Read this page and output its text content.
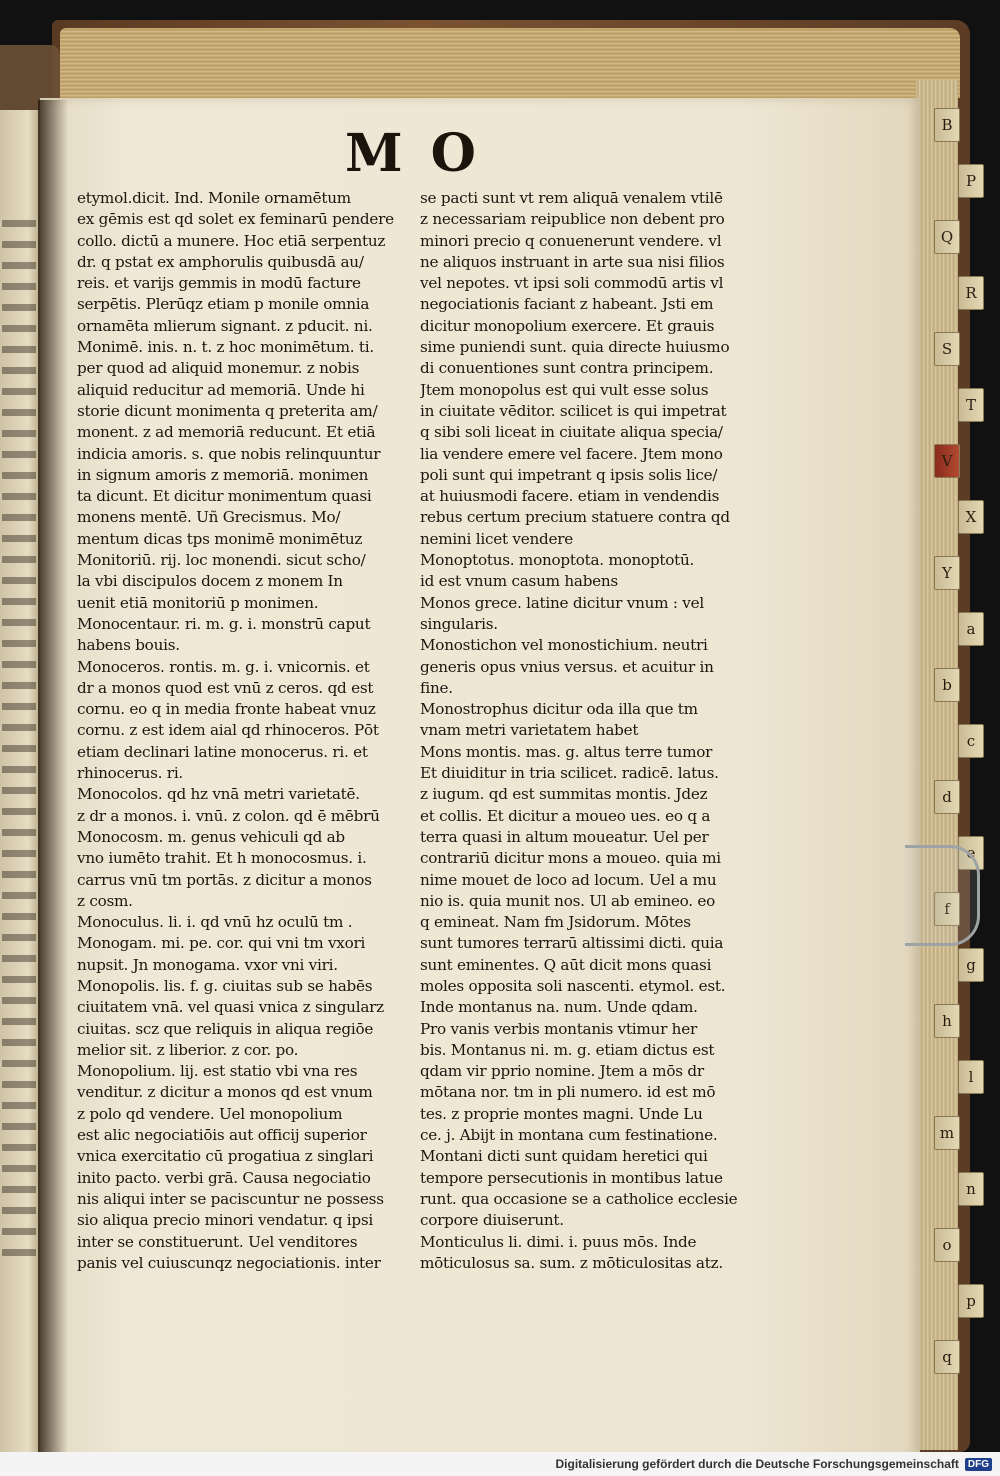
B
P
Q
R
S
T
V
X
Y
a
b
c
d
e
f
g
h
l
m
n
o
p
q
M O
etymol.dicit. Ind. Monile ornamētum
ex gēmis est qd solet ex feminarū pendere
collo. dictū a munere. Hoc etiā serpentuz
dr. q pstat ex amphorulis quibusdā au/
reis. et varijs gemmis in modū facture
serpētis. Plerūqz etiam p monile omnia
ornamēta mlierum signant. z pducit. ni.
Monimē. inis. n. t. z hoc monimētum. ti.
per quod ad aliquid monemur. z nobis
aliquid reducitur ad memoriā. Unde hi
storie dicunt monimenta q preterita am/
monent. z ad memoriā reducunt. Et etiā
indicia amoris. s. que nobis relinquuntur
in signum amoris z memoriā. monimen
ta dicunt. Et dicitur monimentum quasi
monens mentē. Uñ Grecismus. Mo/
mentum dicas tps monimē monimētuz
Monitoriū. rij. loc monendi. sicut scho/
la vbi discipulos docem z monem In
uenit etiā monitoriū p monimen.
Monocentaur. ri. m. g. i. monstrū caput
habens bouis.
Monoceros. rontis. m. g. i. vnicornis. et
dr a monos quod est vnū z ceros. qd est
cornu. eo q in media fronte habeat vnuz
cornu. z est idem aial qd rhinoceros. Pōt
etiam declinari latine monocerus. ri. et
rhinocerus. ri.
Monocolos. qd hz vnā metri varietatē.
z dr a monos. i. vnū. z colon. qd ē mēbrū
Monocosm. m. genus vehiculi qd ab
vno iumēto trahit. Et h monocosmus. i.
carrus vnū tm portās. z dicitur a monos
z cosm.
Monoculus. li. i. qd vnū hz oculū tm .
Monogam. mi. pe. cor. qui vni tm vxori
nupsit. Jn monogama. vxor vni viri.
Monopolis. lis. f. g. ciuitas sub se habēs
ciuitatem vnā. vel quasi vnica z singularz
ciuitas. scz que reliquis in aliqua regiōe
melior sit. z liberior. z cor. po.
Monopolium. lij. est statio vbi vna res
venditur. z dicitur a monos qd est vnum
z polo qd vendere. Uel monopolium
est alic negociatiōis aut officij superior
vnica exercitatio cū progatiua z singlari
inito pacto. verbi grā. Causa negociatio
nis aliqui inter se paciscuntur ne possess
sio aliqua precio minori vendatur. q ipsi
inter se constituerunt. Uel venditores
panis vel cuiuscunqz negociationis. inter
se pacti sunt vt rem aliquā venalem vtilē
z necessariam reipublice non debent pro
minori precio q conuenerunt vendere. vl
ne aliquos instruant in arte sua nisi filios
vel nepotes. vt ipsi soli commodū artis vl
negociationis faciant z habeant. Jsti em
dicitur monopolium exercere. Et grauis
sime puniendi sunt. quia directe huiusmo
di conuentiones sunt contra principem.
Jtem monopolus est qui vult esse solus
in ciuitate vēditor. scilicet is qui impetrat
q sibi soli liceat in ciuitate aliqua specia/
lia vendere emere vel facere. Jtem mono
poli sunt qui impetrant q ipsis solis lice/
at huiusmodi facere. etiam in vendendis
rebus certum precium statuere contra qd
nemini licet vendere
Monoptotus. monoptota. monoptotū.
id est vnum casum habens
Monos grece. latine dicitur vnum : vel
singularis.
Monostichon vel monostichium. neutri
generis opus vnius versus. et acuitur in
fine.
Monostrophus dicitur oda illa que tm
vnam metri varietatem habet
Mons montis. mas. g. altus terre tumor
Et diuiditur in tria scilicet. radicē. latus.
z iugum. qd est summitas montis. Jdez
et collis. Et dicitur a moueo ues. eo q a
terra quasi in altum moueatur. Uel per
contrariū dicitur mons a moueo. quia mi
nime mouet de loco ad locum. Uel a mu
nio is. quia munit nos. Ul ab emineo. eo
q emineat. Nam fm Jsidorum. Mōtes
sunt tumores terrarū altissimi dicti. quia
sunt eminentes. Q aūt dicit mons quasi
moles opposita soli nascenti. etymol. est.
Inde montanus na. num. Unde qdam.
Pro vanis verbis montanis vtimur her
bis. Montanus ni. m. g. etiam dictus est
qdam vir pprio nomine. Jtem a mōs dr
mōtana nor. tm in pli numero. id est mō
tes. z proprie montes magni. Unde Lu
ce. j. Abijt in montana cum festinatione.
Montani dicti sunt quidam heretici qui
tempore persecutionis in montibus latue
runt. qua occasione se a catholice ecclesie
corpore diuiserunt.
Monticulus li. dimi. i. puus mōs. Inde
mōticulosus sa. sum. z mōticulositas atz.
Digitalisierung gefördert durch die Deutsche Forschungsgemeinschaft DFG
